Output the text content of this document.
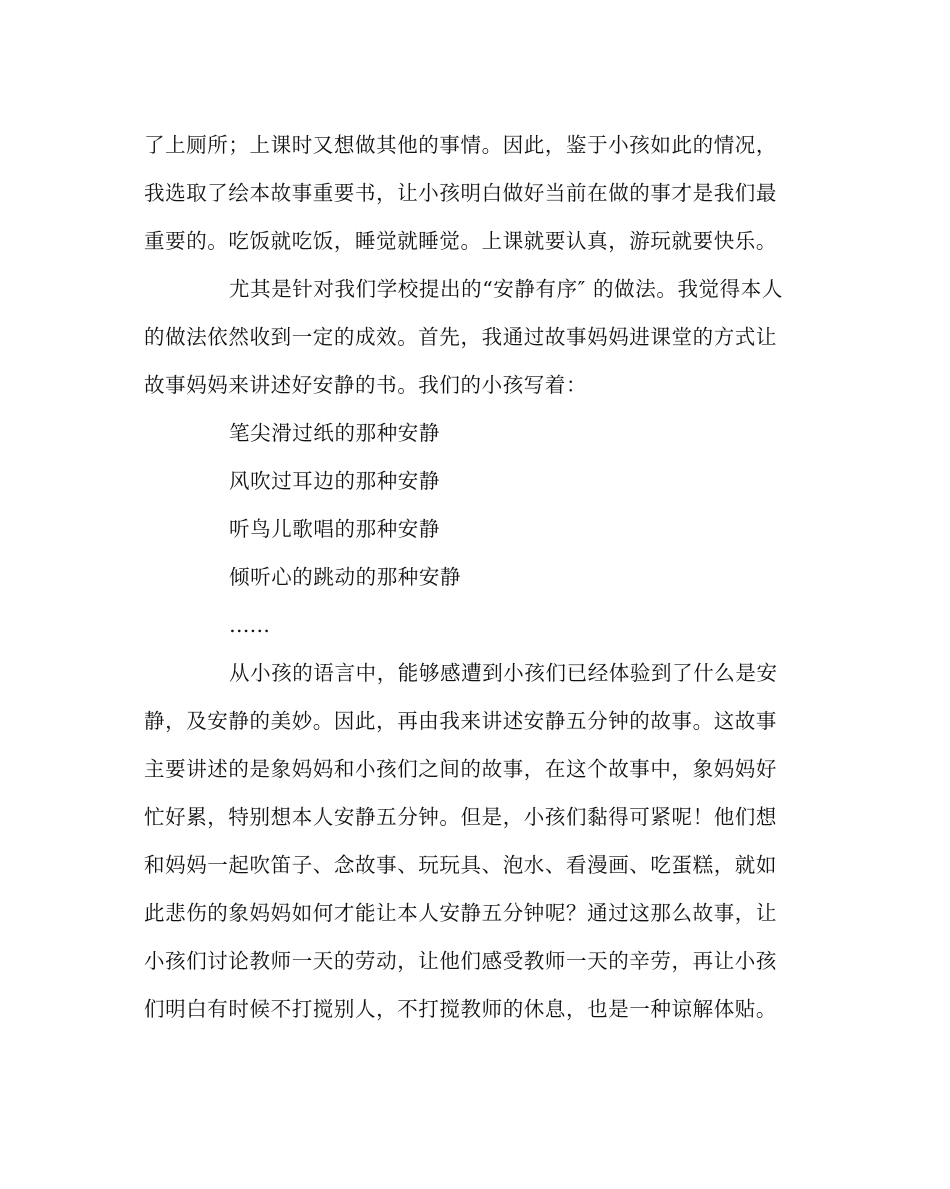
了上厕所；上课时又想做其他的事情。因此，鉴于小孩如此的情况，
我选取了绘本故事重要书，让小孩明白做好当前在做的事才是我们最
重要的。吃饭就吃饭，睡觉就睡觉。上课就要认真，游玩就要快乐。
尤其是针对我们学校提出的“安静有序″ 的做法。我觉得本人
的做法依然收到一定的成效。首先，我通过故事妈妈进课堂的方式让
故事妈妈来讲述好安静的书。我们的小孩写着：
笔尖滑过纸的那种安静
风吹过耳边的那种安静
听鸟儿歌唱的那种安静
倾听心的跳动的那种安静
……
从小孩的语言中，能够感遭到小孩们已经体验到了什么是安
静，及安静的美妙。因此，再由我来讲述安静五分钟的故事。这故事
主要讲述的是象妈妈和小孩们之间的故事，在这个故事中，象妈妈好
忙好累，特别想本人安静五分钟。但是，小孩们黏得可紧呢！他们想
和妈妈一起吹笛子、念故事、玩玩具、泡水、看漫画、吃蛋糕，就如
此悲伤的象妈妈如何才能让本人安静五分钟呢？通过这那么故事，让
小孩们讨论教师一天的劳动，让他们感受教师一天的辛劳，再让小孩
们明白有时候不打搅别人，不打搅教师的休息，也是一种谅解体贴。
